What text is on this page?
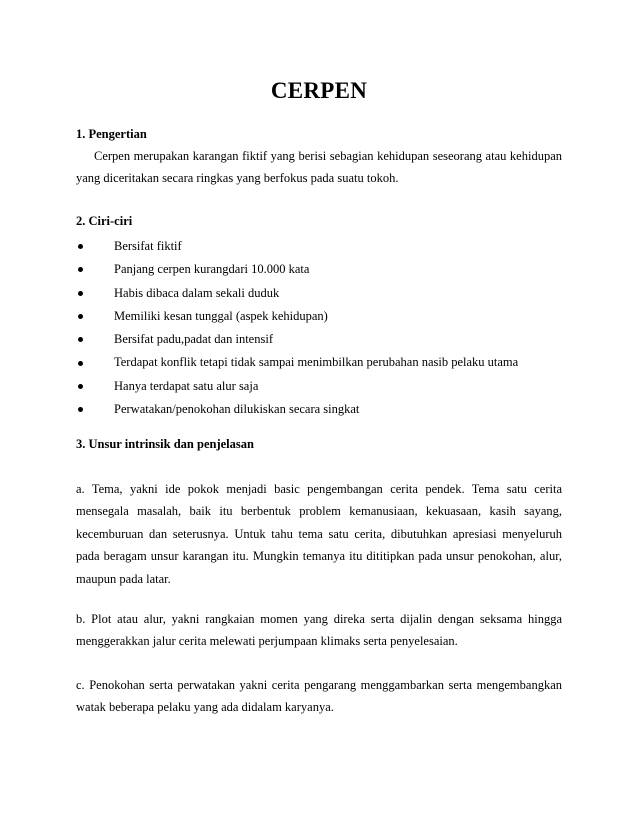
CERPEN
1. Pengertian
Cerpen merupakan karangan fiktif yang berisi sebagian kehidupan seseorang atau kehidupan yang diceritakan secara ringkas yang berfokus pada suatu tokoh.
2. Ciri-ciri
Bersifat fiktif
Panjang cerpen kurangdari 10.000 kata
Habis dibaca dalam sekali duduk
Memiliki kesan tunggal (aspek kehidupan)
Bersifat padu,padat dan intensif
Terdapat konflik tetapi tidak sampai menimbilkan perubahan nasib pelaku utama
Hanya terdapat satu alur saja
Perwatakan/penokohan dilukiskan secara singkat
3. Unsur intrinsik dan penjelasan
a. Tema, yakni ide pokok menjadi basic pengembangan cerita pendek. Tema satu cerita mensegala masalah, baik itu berbentuk problem kemanusiaan, kekuasaan, kasih sayang, kecemburuan dan seterusnya. Untuk tahu tema satu cerita, dibutuhkan apresiasi menyeluruh pada beragam unsur karangan itu. Mungkin temanya itu dititipkan pada unsur penokohan, alur, maupun pada latar.
b. Plot atau alur, yakni rangkaian momen yang direka serta dijalin dengan seksama hingga menggerakkan jalur cerita melewati perjumpaan klimaks serta penyelesaian.
c. Penokohan serta perwatakan yakni cerita pengarang menggambarkan serta mengembangkan watak beberapa pelaku yang ada didalam karyanya.
